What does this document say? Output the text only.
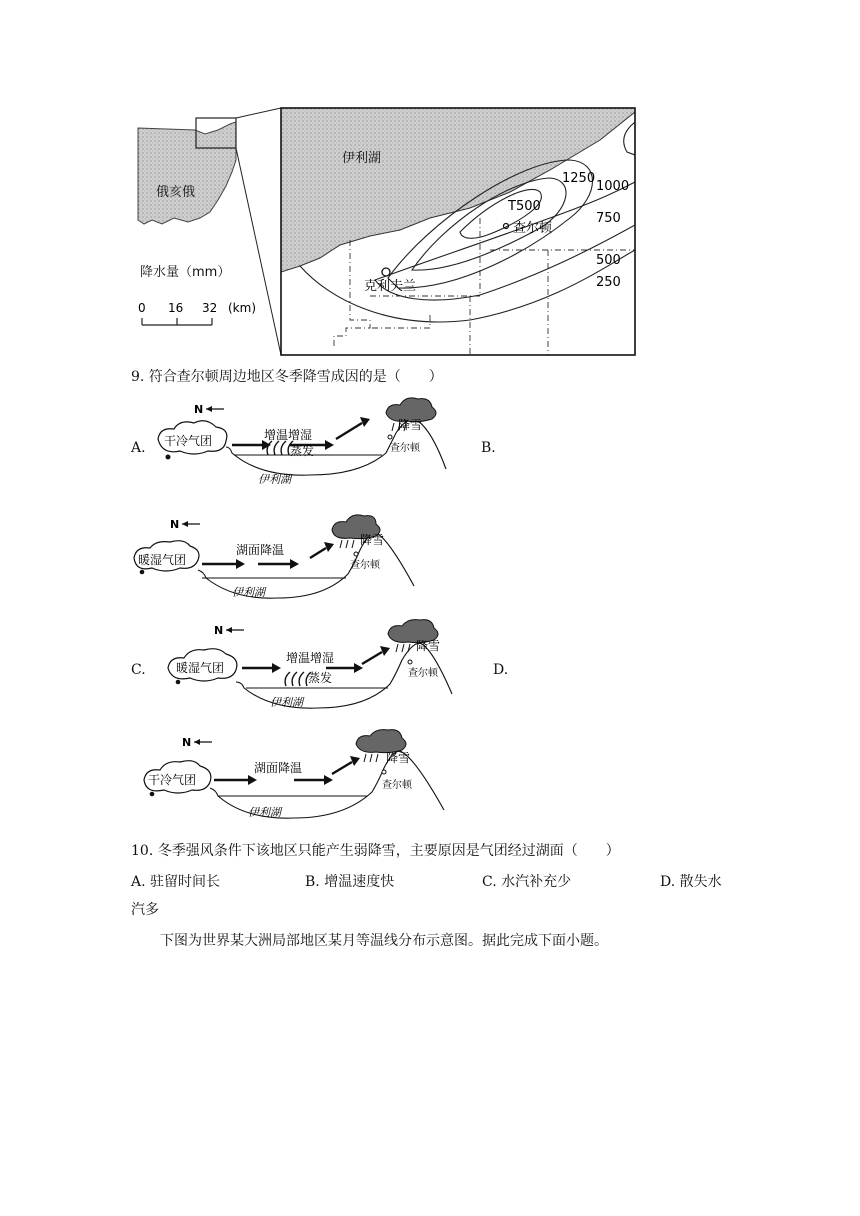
俄亥俄
降水量（mm）
0 16 32 (km)
伊利湖
1250
1000
T500
750
500
250
查尔顿
克利夫兰
9. 符合查尔顿周边地区冬季降雪成因的是（　　）
A.
N
干冷气团
伊利湖
增温增湿
蒸发
降雪
查尔顿	B.
N
暖湿气团
伊利湖
湖面降温
降雪
查尔顿
C.
N
暖湿气团
伊利湖
增温增湿
蒸发
降雪
查尔顿	D.
N
干冷气团
伊利湖
湖面降温
降雪
查尔顿
10. 冬季强风条件下该地区只能产生弱降雪，主要原因是气团经过湖面（　　）
A. 驻留时间长	B. 增温速度快	C. 水汽补充少	D. 散失水
汽多
下图为世界某大洲局部地区某月等温线分布示意图。据此完成下面小题。
